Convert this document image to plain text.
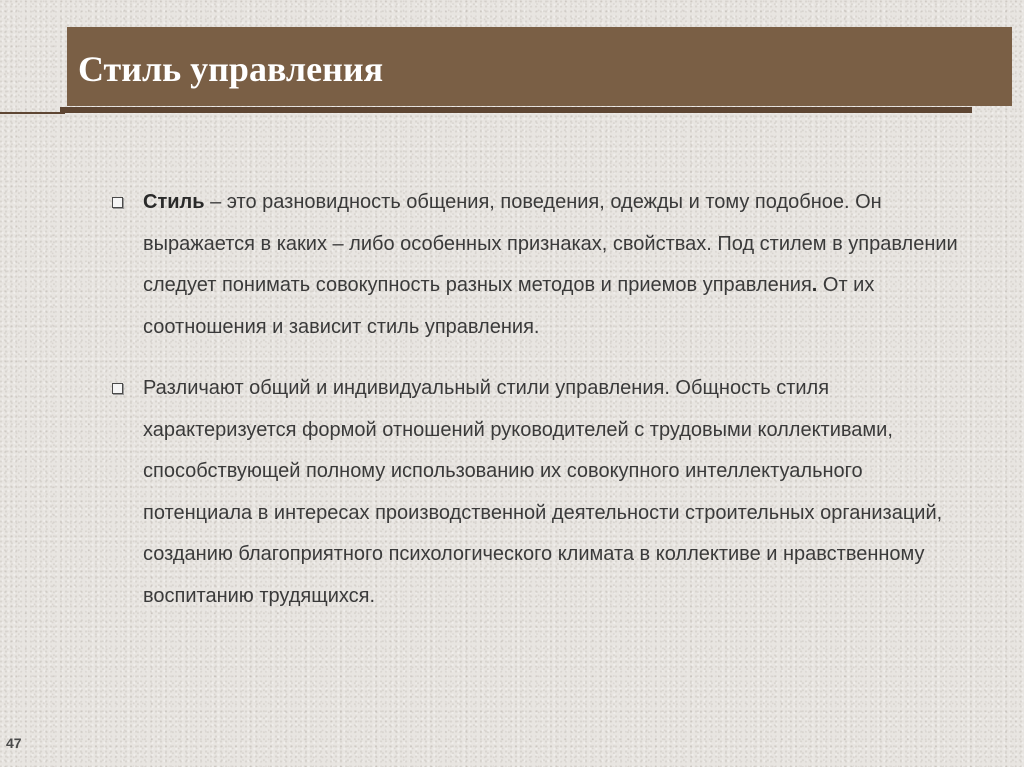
Стиль управления
Стиль – это разновидность общения, поведения, одежды и тому подобное. Он выражается в каких – либо особенных признаках, свойствах. Под стилем в управлении следует понимать совокупность разных методов и приемов управления. От их соотношения и зависит стиль управления.
Различают общий и индивидуальный стили управления. Общность стиля характеризуется формой отношений руководителей с трудовыми коллективами, способствующей полному использованию их совокупного интеллектуального потенциала в интересах производственной деятельности строительных организаций, созданию благоприятного психологического климата в коллективе и нравственному воспитанию трудящихся.
47
